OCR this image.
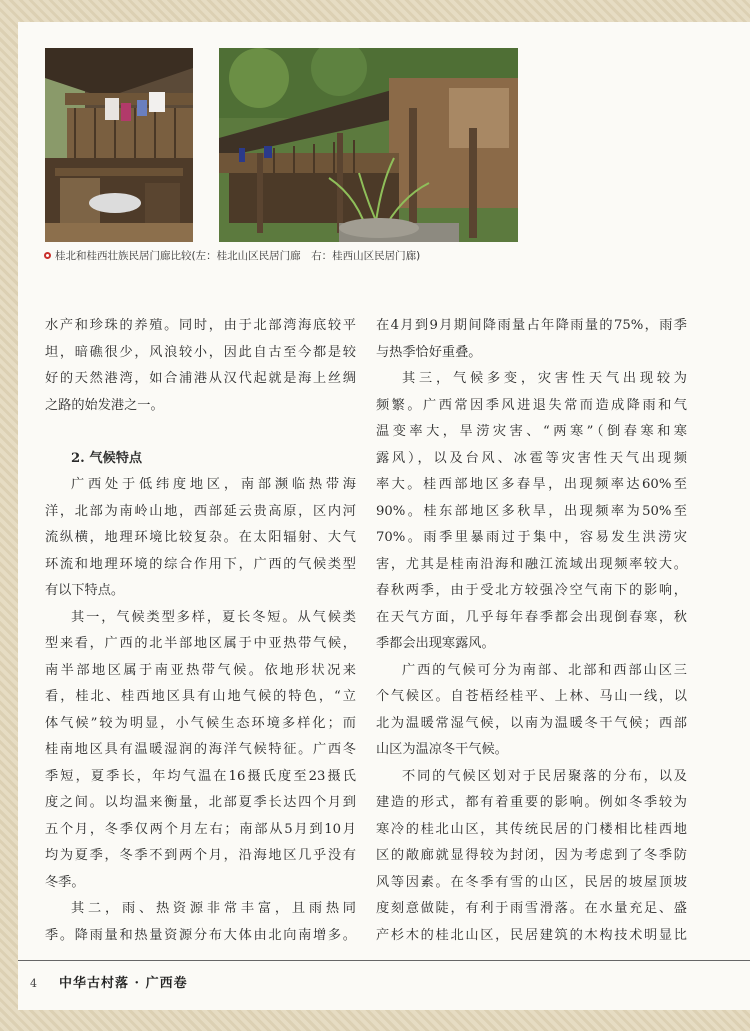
桂北和桂西壮族民居门廊比较(左：桂北山区民居门廊　右：桂西山区民居门廊)
水产和珍珠的养殖。同时，由于北部湾海底较平
坦，暗礁很少，风浪较小，因此自古至今都是较
好的天然港湾，如合浦港从汉代起就是海上丝绸
之路的始发港之一。
2. 气候特点
广西处于低纬度地区，南部濒临热带海
洋，北部为南岭山地，西部延云贵高原，区内河
流纵横，地理环境比较复杂。在太阳辐射、大气
环流和地理环境的综合作用下，广西的气候类型
有以下特点。
其一，气候类型多样，夏长冬短。从气候类
型来看，广西的北半部地区属于中亚热带气候，
南半部地区属于南亚热带气候。依地形状况来
看，桂北、桂西地区具有山地气候的特色，“立
体气候”较为明显，小气候生态环境多样化；而
桂南地区具有温暖湿润的海洋气候特征。广西冬
季短，夏季长，年均气温在16摄氏度至23摄氏
度之间。以均温来衡量，北部夏季长达四个月到
五个月，冬季仅两个月左右；南部从5月到10月
均为夏季，冬季不到两个月，沿海地区几乎没有
冬季。
其二，雨、热资源非常丰富，且雨热同
季。降雨量和热量资源分布大体由北向南增多。
在4月到9月期间降雨量占年降雨量的75%，雨季
与热季恰好重叠。
其三，气候多变，灾害性天气出现较为
频繁。广西常因季风进退失常而造成降雨和气
温变率大，旱涝灾害、“两寒”（倒春寒和寒
露风），以及台风、冰雹等灾害性天气出现频
率大。桂西部地区多春旱，出现频率达60%至
90%。桂东部地区多秋旱，出现频率为50%至
70%。雨季里暴雨过于集中，容易发生洪涝灾
害，尤其是桂南沿海和融江流域出现频率较大。
春秋两季，由于受北方较强冷空气南下的影响，
在天气方面，几乎每年春季都会出现倒春寒，秋
季都会出现寒露风。
广西的气候可分为南部、北部和西部山区三
个气候区。自苍梧经桂平、上林、马山一线，以
北为温暖常湿气候，以南为温暖冬干气候；西部
山区为温凉冬干气候。
不同的气候区划对于民居聚落的分布，以及
建造的形式，都有着重要的影响。例如冬季较为
寒冷的桂北山区，其传统民居的门楼相比桂西地
区的敞廊就显得较为封闭，因为考虑到了冬季防
风等因素。在冬季有雪的山区，民居的坡屋顶坡
度刻意做陡，有利于雨雪滑落。在水量充足、盛
产杉木的桂北山区，民居建筑的木构技术明显比
4 中华古村落 · 广西卷
